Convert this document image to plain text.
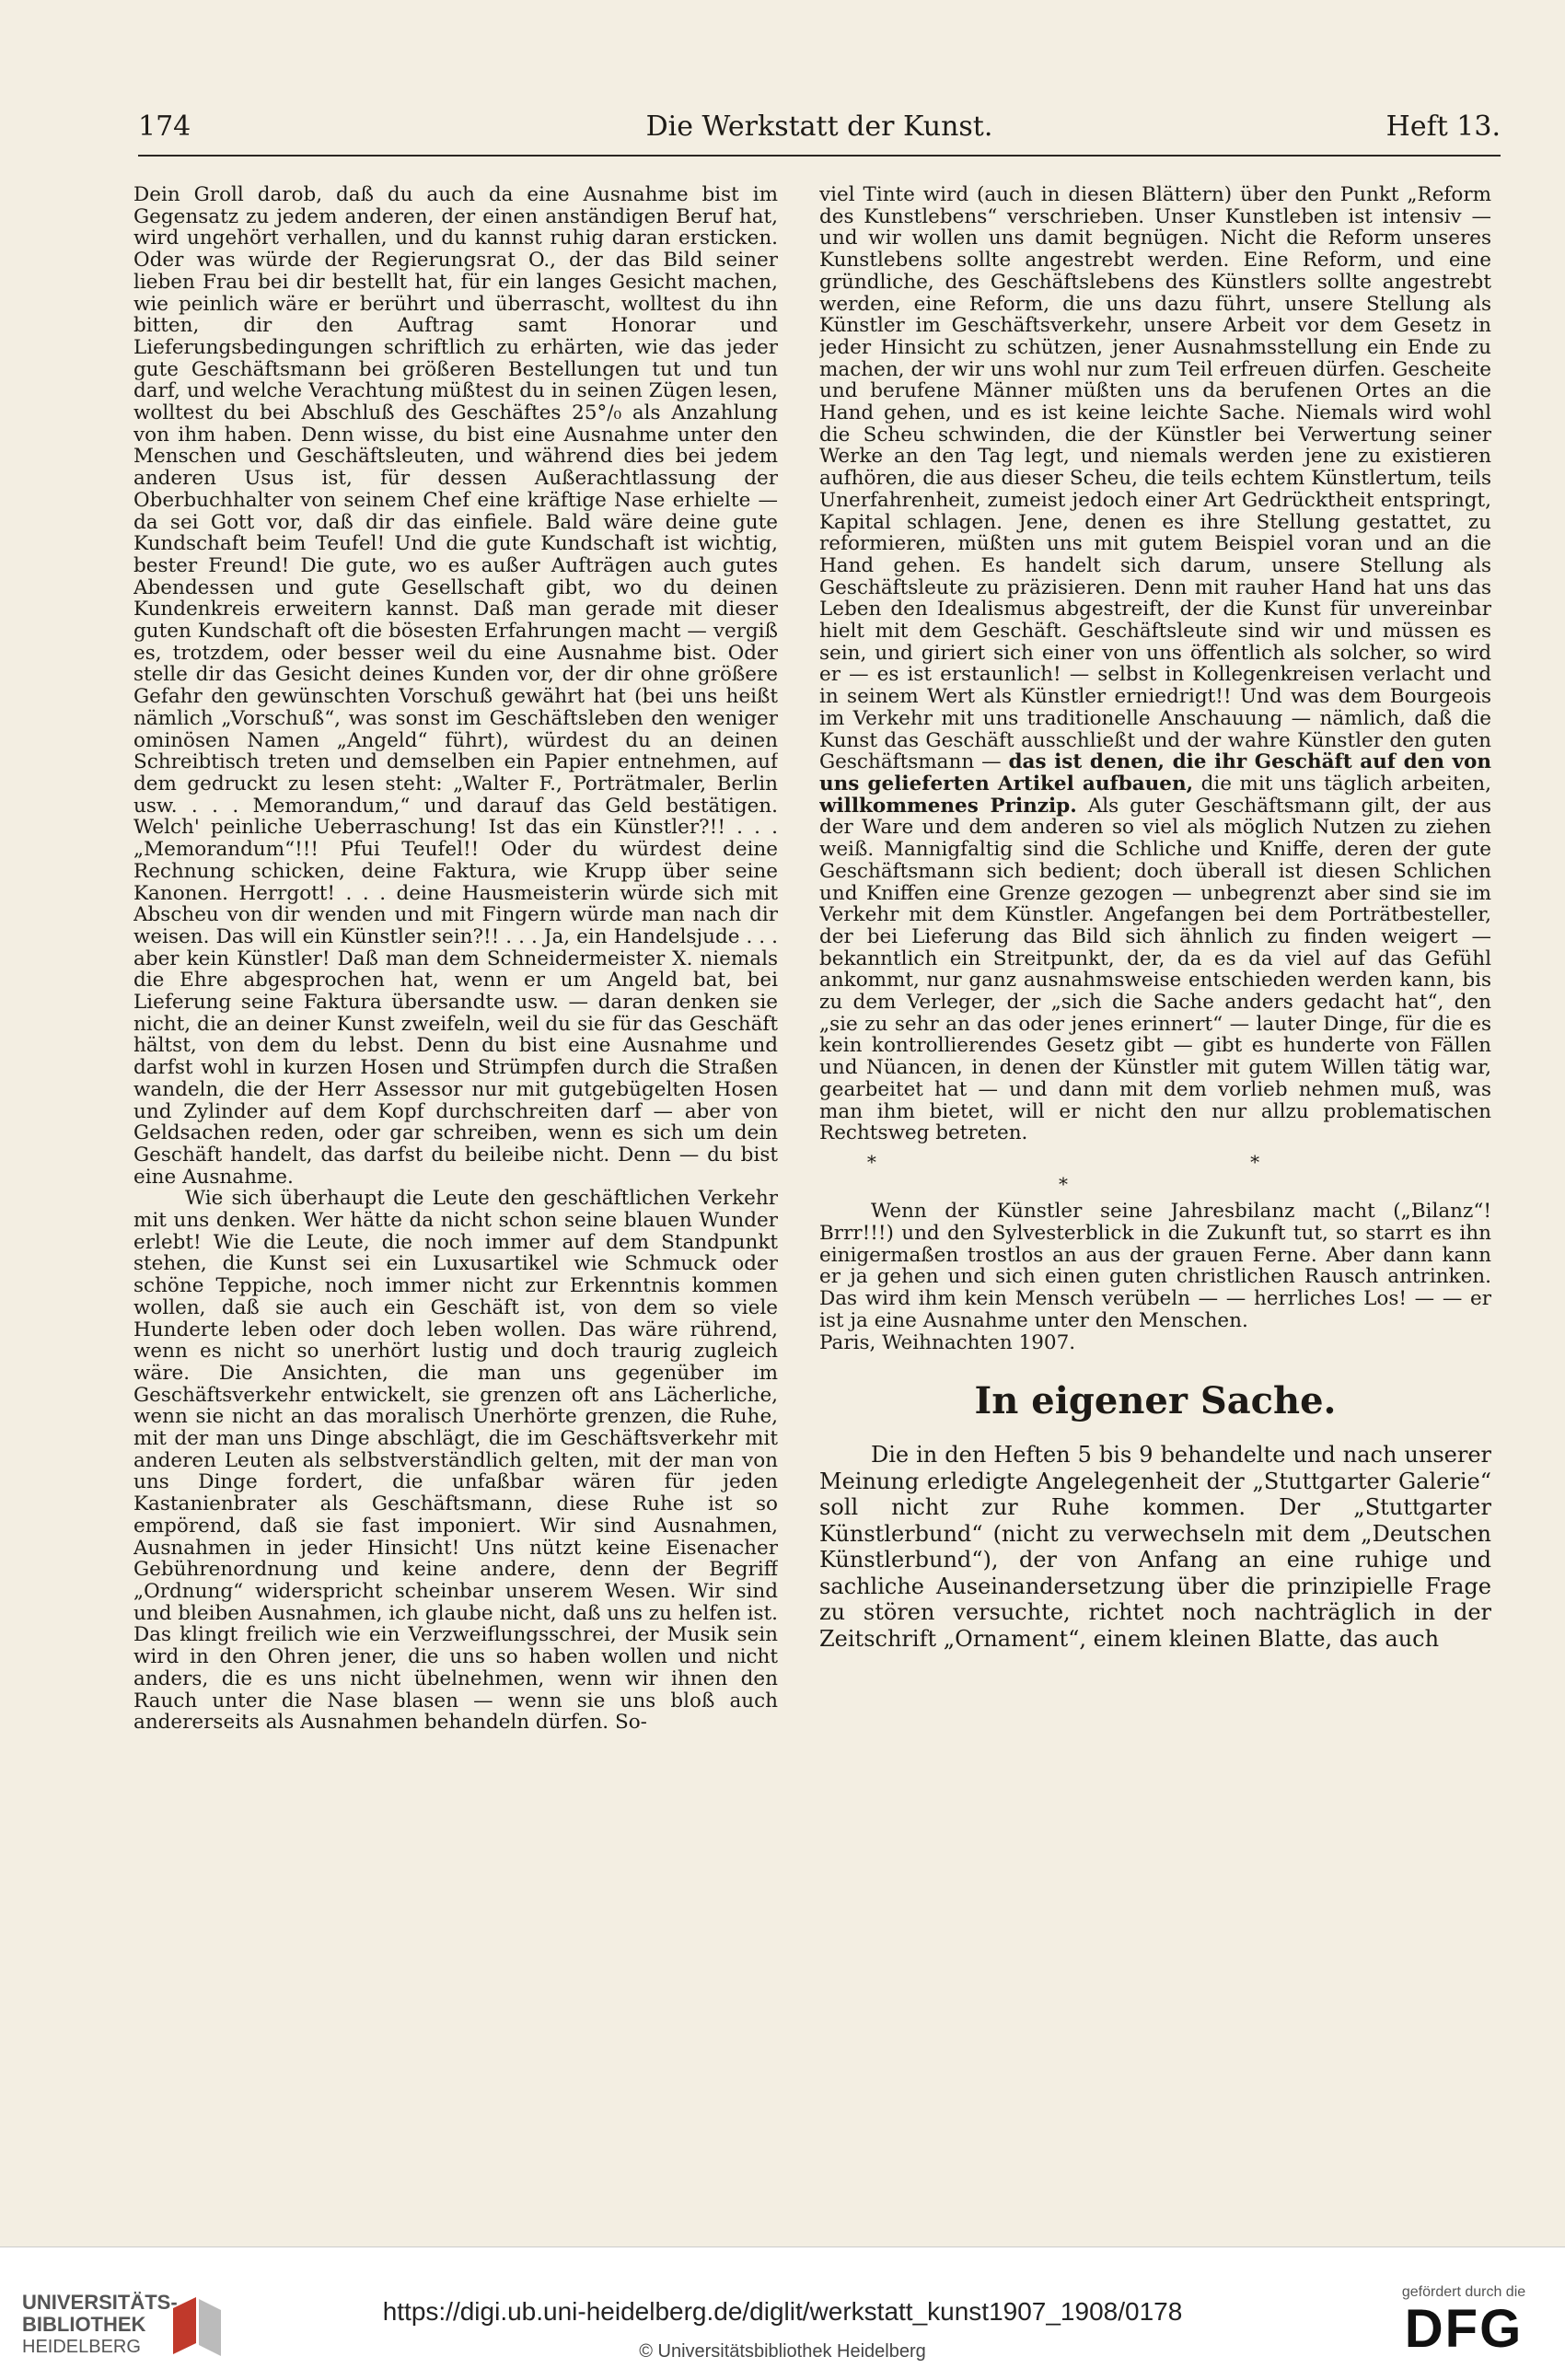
174	Die Werkstatt der Kunst.	Heft 13.

Dein Groll darob, daß du auch da eine Ausnahme bist im Gegensatz zu jedem anderen, der einen anständigen Beruf hat, wird ungehört verhallen, und du kannst ruhig daran ersticken. Oder was würde der Regierungsrat O., der das Bild seiner lieben Frau bei dir bestellt hat, für ein langes Gesicht machen, wie peinlich wäre er berührt und überrascht, wolltest du ihn bitten, dir den Auftrag samt Honorar und Lieferungsbedingungen schriftlich zu erhärten, wie das jeder gute Geschäftsmann bei größeren Bestellungen tut und tun darf, und welche Verachtung müßtest du in seinen Zügen lesen, wolltest du bei Abschluß des Geschäftes 25°/₀ als Anzahlung von ihm haben. Denn wisse, du bist eine Ausnahme unter den Menschen und Geschäftsleuten, und während dies bei jedem anderen Usus ist, für dessen Außerachtlassung der Oberbuchhalter von seinem Chef eine kräftige Nase erhielte — da sei Gott vor, daß dir das einfiele. Bald wäre deine gute Kundschaft beim Teufel! Und die gute Kundschaft ist wichtig, bester Freund! Die gute, wo es außer Aufträgen auch gutes Abendessen und gute Gesellschaft gibt, wo du deinen Kundenkreis erweitern kannst. Daß man gerade mit dieser guten Kundschaft oft die bösesten Erfahrungen macht — vergiß es, trotzdem, oder besser weil du eine Ausnahme bist. Oder stelle dir das Gesicht deines Kunden vor, der dir ohne größere Gefahr den gewünschten Vorschuß gewährt hat (bei uns heißt nämlich „Vorschuß“, was sonst im Geschäftsleben den weniger ominösen Namen „Angeld“ führt), würdest du an deinen Schreibtisch treten und demselben ein Papier entnehmen, auf dem gedruckt zu lesen steht: „Walter F., Porträtmaler, Berlin usw. . . . Memorandum,“ und darauf das Geld bestätigen. Welch' peinliche Ueberraschung! Ist das ein Künstler?!! . . . „Memorandum“!!! Pfui Teufel!! Oder du würdest deine Rechnung schicken, deine Faktura, wie Krupp über seine Kanonen. Herrgott! . . . deine Hausmeisterin würde sich mit Abscheu von dir wenden und mit Fingern würde man nach dir weisen. Das will ein Künstler sein?!! . . . Ja, ein Handelsjude . . . aber kein Künstler! Daß man dem Schneidermeister X. niemals die Ehre abgesprochen hat, wenn er um Angeld bat, bei Lieferung seine Faktura übersandte usw. — daran denken sie nicht, die an deiner Kunst zweifeln, weil du sie für das Geschäft hältst, von dem du lebst. Denn du bist eine Ausnahme und darfst wohl in kurzen Hosen und Strümpfen durch die Straßen wandeln, die der Herr Assessor nur mit gutgebügelten Hosen und Zylinder auf dem Kopf durchschreiten darf — aber von Geldsachen reden, oder gar schreiben, wenn es sich um dein Geschäft handelt, das darfst du beileibe nicht. Denn — du bist eine Ausnahme.

Wie sich überhaupt die Leute den geschäftlichen Verkehr mit uns denken. Wer hätte da nicht schon seine blauen Wunder erlebt! Wie die Leute, die noch immer auf dem Standpunkt stehen, die Kunst sei ein Luxusartikel wie Schmuck oder schöne Teppiche, noch immer nicht zur Erkenntnis kommen wollen, daß sie auch ein Geschäft ist, von dem so viele Hunderte leben oder doch leben wollen. Das wäre rührend, wenn es nicht so unerhört lustig und doch traurig zugleich wäre. Die Ansichten, die man uns gegenüber im Geschäftsverkehr entwickelt, sie grenzen oft ans Lächerliche, wenn sie nicht an das moralisch Unerhörte grenzen, die Ruhe, mit der man uns Dinge abschlägt, die im Geschäftsverkehr mit anderen Leuten als selbstverständlich gelten, mit der man von uns Dinge fordert, die unfaßbar wären für jeden Kastanienbrater als Geschäftsmann, diese Ruhe ist so empörend, daß sie fast imponiert. Wir sind Ausnahmen, Ausnahmen in jeder Hinsicht! Uns nützt keine Eisenacher Gebührenordnung und keine andere, denn der Begriff „Ordnung“ widerspricht scheinbar unserem Wesen. Wir sind und bleiben Ausnahmen, ich glaube nicht, daß uns zu helfen ist. Das klingt freilich wie ein Verzweiflungsschrei, der Musik sein wird in den Ohren jener, die uns so haben wollen und nicht anders, die es uns nicht übelnehmen, wenn wir ihnen den Rauch unter die Nase blasen — wenn sie uns bloß auch andererseits als Ausnahmen behandeln dürfen. So-

viel Tinte wird (auch in diesen Blättern) über den Punkt „Reform des Kunstlebens“ verschrieben. Unser Kunstleben ist intensiv — und wir wollen uns damit begnügen. Nicht die Reform unseres Kunstlebens sollte angestrebt werden. Eine Reform, und eine gründliche, des Geschäftslebens des Künstlers sollte angestrebt werden, eine Reform, die uns dazu führt, unsere Stellung als Künstler im Geschäftsverkehr, unsere Arbeit vor dem Gesetz in jeder Hinsicht zu schützen, jener Ausnahmsstellung ein Ende zu machen, der wir uns wohl nur zum Teil erfreuen dürfen. Gescheite und berufene Männer müßten uns da berufenen Ortes an die Hand gehen, und es ist keine leichte Sache. Niemals wird wohl die Scheu schwinden, die der Künstler bei Verwertung seiner Werke an den Tag legt, und niemals werden jene zu existieren aufhören, die aus dieser Scheu, die teils echtem Künstlertum, teils Unerfahrenheit, zumeist jedoch einer Art Gedrücktheit entspringt, Kapital schlagen. Jene, denen es ihre Stellung gestattet, zu reformieren, müßten uns mit gutem Beispiel voran und an die Hand gehen. Es handelt sich darum, unsere Stellung als Geschäftsleute zu präzisieren. Denn mit rauher Hand hat uns das Leben den Idealismus abgestreift, der die Kunst für unvereinbar hielt mit dem Geschäft. Geschäftsleute sind wir und müssen es sein, und giriert sich einer von uns öffentlich als solcher, so wird er — es ist erstaunlich! — selbst in Kollegenkreisen verlacht und in seinem Wert als Künstler erniedrigt!! Und was dem Bourgeois im Verkehr mit uns traditionelle Anschauung — nämlich, daß die Kunst das Geschäft ausschließt und der wahre Künstler den guten Geschäftsmann — das ist denen, die ihr Geschäft auf den von uns gelieferten Artikel aufbauen, die mit uns täglich arbeiten, willkommenes Prinzip. Als guter Geschäftsmann gilt, der aus der Ware und dem anderen so viel als möglich Nutzen zu ziehen weiß. Mannigfaltig sind die Schliche und Kniffe, deren der gute Geschäftsmann sich bedient; doch überall ist diesen Schlichen und Kniffen eine Grenze gezogen — unbegrenzt aber sind sie im Verkehr mit dem Künstler. Angefangen bei dem Porträtbesteller, der bei Lieferung das Bild sich ähnlich zu finden weigert — bekanntlich ein Streitpunkt, der, da es da viel auf das Gefühl ankommt, nur ganz ausnahmsweise entschieden werden kann, bis zu dem Verleger, der „sich die Sache anders gedacht hat“, den „sie zu sehr an das oder jenes erinnert“ — lauter Dinge, für die es kein kontrollierendes Gesetz gibt — gibt es hunderte von Fällen und Nüancen, in denen der Künstler mit gutem Willen tätig war, gearbeitet hat — und dann mit dem vorlieb nehmen muß, was man ihm bietet, will er nicht den nur allzu problematischen Rechtsweg betreten.

* * *

Wenn der Künstler seine Jahresbilanz macht („Bilanz“! Brrr!!!) und den Sylvesterblick in die Zukunft tut, so starrt es ihn einigermaßen trostlos an aus der grauen Ferne. Aber dann kann er ja gehen und sich einen guten christlichen Rausch antrinken. Das wird ihm kein Mensch verübeln — — herrliches Los! — — er ist ja eine Ausnahme unter den Menschen.

Paris, Weihnachten 1907.

In eigener Sache.

Die in den Heften 5 bis 9 behandelte und nach unserer Meinung erledigte Angelegenheit der „Stuttgarter Galerie“ soll nicht zur Ruhe kommen. Der „Stuttgarter Künstlerbund“ (nicht zu verwechseln mit dem „Deutschen Künstlerbund“), der von Anfang an eine ruhige und sachliche Auseinandersetzung über die prinzipielle Frage zu stören versuchte, richtet noch nachträglich in der Zeitschrift „Ornament“, einem kleinen Blatte, das auch

UNIVERSITÄTS-
BIBLIOTHEK
HEIDELBERG
https://digi.ub.uni-heidelberg.de/diglit/werkstatt_kunst1907_1908/0178
© Universitätsbibliothek Heidelberg
gefördert durch die
DFG
